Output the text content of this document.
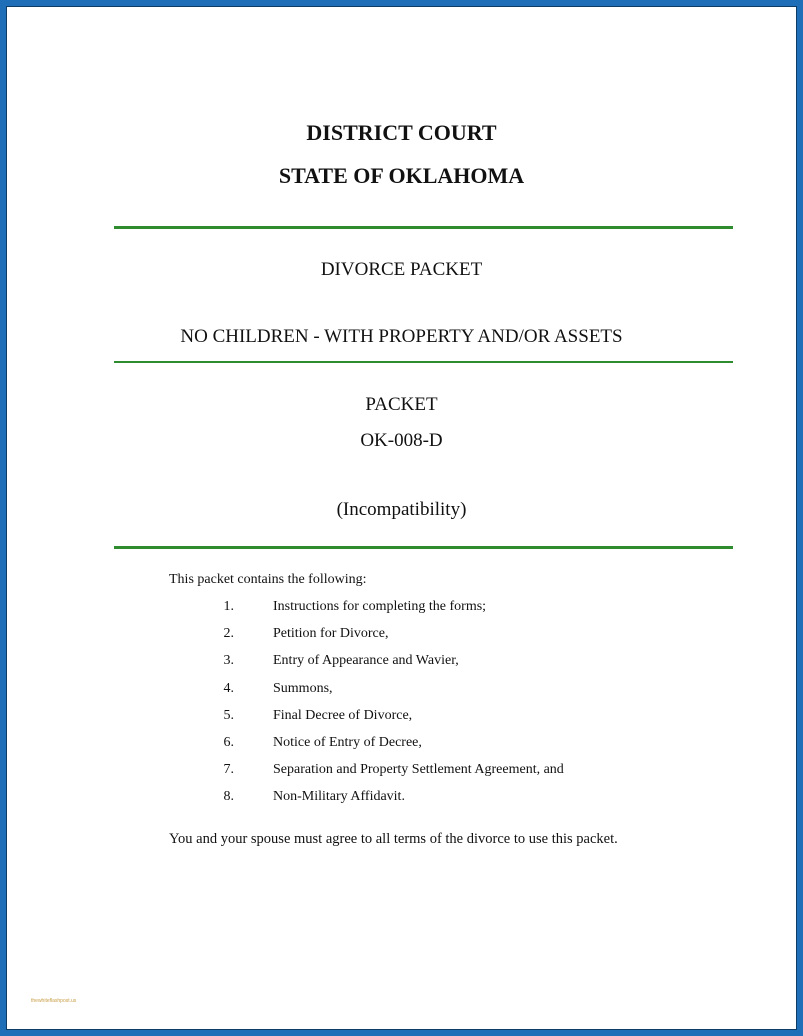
DISTRICT COURT
STATE OF OKLAHOMA
DIVORCE PACKET
NO CHILDREN - WITH PROPERTY AND/OR ASSETS
PACKET
OK-008-D
(Incompatibility)
This packet contains the following:
1.	Instructions for completing the forms;
2.	Petition for Divorce,
3.	Entry of Appearance and Wavier,
4.	Summons,
5.	Final Decree of Divorce,
6.	Notice of Entry of Decree,
7.	Separation and Property Settlement Agreement, and
8.	Non-Military Affidavit.
You and your spouse must agree to all terms of the divorce to use this packet.
thewhiteflashpost.us
